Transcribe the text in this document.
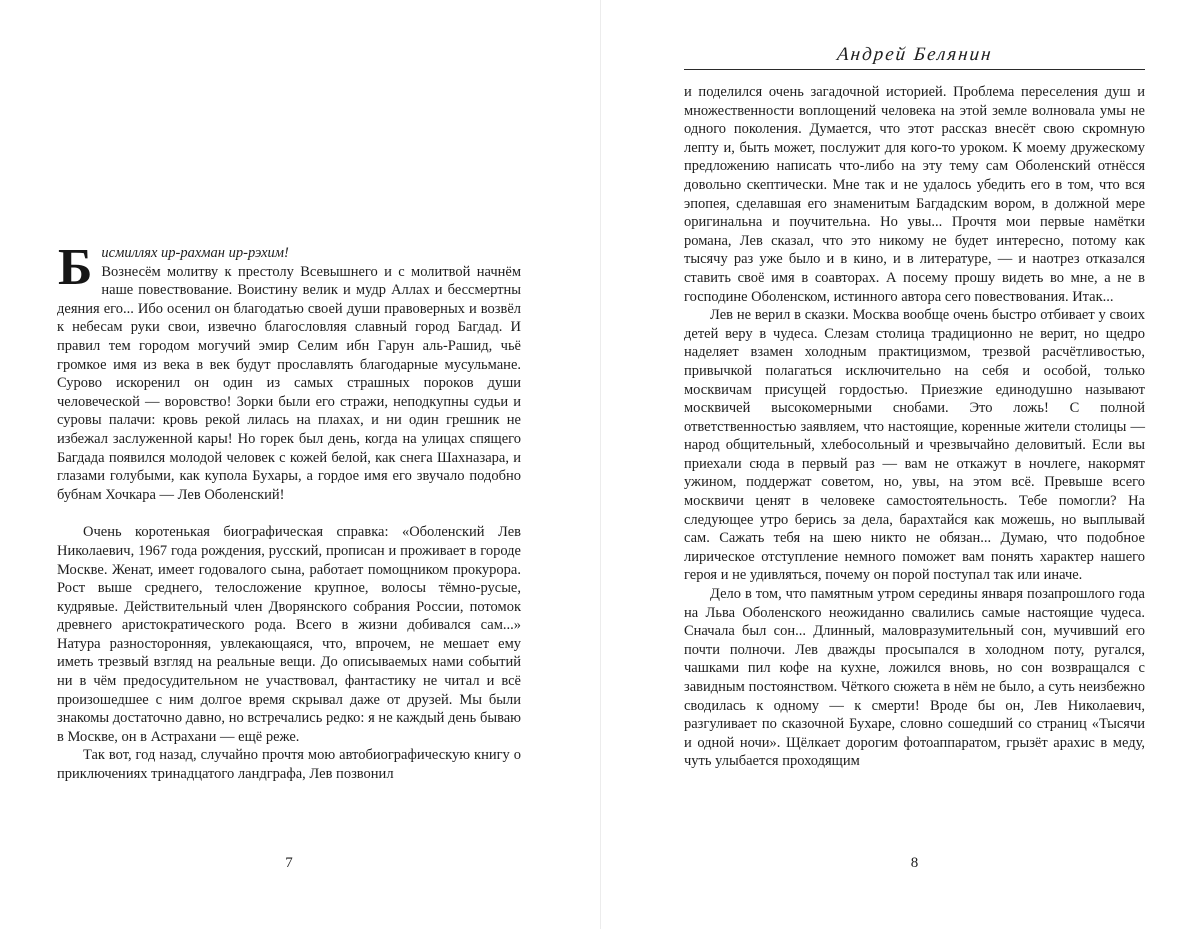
Б исмиллях ир-рахман ир-рэхим!
Вознесём молитву к престолу Всевышнего и с молитвой начнём наше повествование. Воистину велик и мудр Аллах и бессмертны деяния его... Ибо осенил он благодатью своей души правоверных и возвёл к небесам руки свои, извечно благословляя славный город Багдад. И правил тем городом могучий эмир Селим ибн Гарун аль-Рашид, чьё громкое имя из века в век будут прославлять благодарные мусульмане. Сурово искоренил он один из самых страшных пороков души человеческой — воровство! Зорки были его стражи, неподкупны судьи и суровы палачи: кровь рекой лилась на плахах, и ни один грешник не избежал заслуженной кары! Но горек был день, когда на улицах спящего Багдада появился молодой человек с кожей белой, как снега Шахназара, и глазами голубыми, как купола Бухары, а гордое имя его звучало подобно бубнам Хочкара — Лев Оболенский!

Очень коротенькая биографическая справка: «Оболенский Лев Николаевич, 1967 года рождения, русский, прописан и проживает в городе Москве. Женат, имеет годовалого сына, работает помощником прокурора. Рост выше среднего, телосложение крупное, волосы тёмно-русые, кудрявые. Действительный член Дворянского собрания России, потомок древнего аристократического рода. Всего в жизни добивался сам...» Натура разносторонняя, увлекающаяся, что, впрочем, не мешает ему иметь трезвый взгляд на реальные вещи. До описываемых нами событий ни в чём предосудительном не участвовал, фантастику не читал и всё произошедшее с ним долгое время скрывал даже от друзей. Мы были знакомы достаточно давно, но встречались редко: я не каждый день бываю в Москве, он в Астрахани — ещё реже.

Так вот, год назад, случайно прочтя мою автобиографическую книгу о приключениях тринадцатого ландграфа, Лев позвонил

7
Андрей Белянин

и поделился очень загадочной историей. Проблема переселения душ и множественности воплощений человека на этой земле волновала умы не одного поколения. Думается, что этот рассказ внесёт свою скромную лепту и, быть может, послужит для кого-то уроком. К моему дружескому предложению написать что-либо на эту тему сам Оболенский отнёсся довольно скептически. Мне так и не удалось убедить его в том, что вся эпопея, сделавшая его знаменитым Багдадским вором, в должной мере оригинальна и поучительна. Но увы... Прочтя мои первые намётки романа, Лев сказал, что это никому не будет интересно, потому как тысячу раз уже было и в кино, и в литературе, — и наотрез отказался ставить своё имя в соавторах. А посему прошу видеть во мне, а не в господине Оболенском, истинного автора сего повествования. Итак...

Лев не верил в сказки. Москва вообще очень быстро отбивает у своих детей веру в чудеса. Слезам столица традиционно не верит, но щедро наделяет взамен холодным практицизмом, трезвой расчётливостью, привычкой полагаться исключительно на себя и особой, только москвичам присущей гордостью. Приезжие единодушно называют москвичей высокомерными снобами. Это ложь! С полной ответственностью заявляем, что настоящие, коренные жители столицы — народ общительный, хлебосольный и чрезвычайно деловитый. Если вы приехали сюда в первый раз — вам не откажут в ночлеге, накормят ужином, поддержат советом, но, увы, на этом всё. Превыше всего москвичи ценят в человеке самостоятельность. Тебе помогли? На следующее утро берись за дела, барахтайся как можешь, но выплывай сам. Сажать тебя на шею никто не обязан... Думаю, что подобное лирическое отступление немного поможет вам понять характер нашего героя и не удивляться, почему он порой поступал так или иначе.

Дело в том, что памятным утром середины января позапрошлого года на Льва Оболенского неожиданно свалились самые настоящие чудеса. Сначала был сон... Длинный, маловразумительный сон, мучивший его почти полночи. Лев дважды просыпался в холодном поту, ругался, чашками пил кофе на кухне, ложился вновь, но сон возвращался с завидным постоянством. Чёткого сюжета в нём не было, а суть неизбежно сводилась к одному — к смерти! Вроде бы он, Лев Николаевич, разгуливает по сказочной Бухаре, словно сошедший со страниц «Тысячи и одной ночи». Щёлкает дорогим фотоаппаратом, грызёт арахис в меду, чуть улыбается проходящим

8
